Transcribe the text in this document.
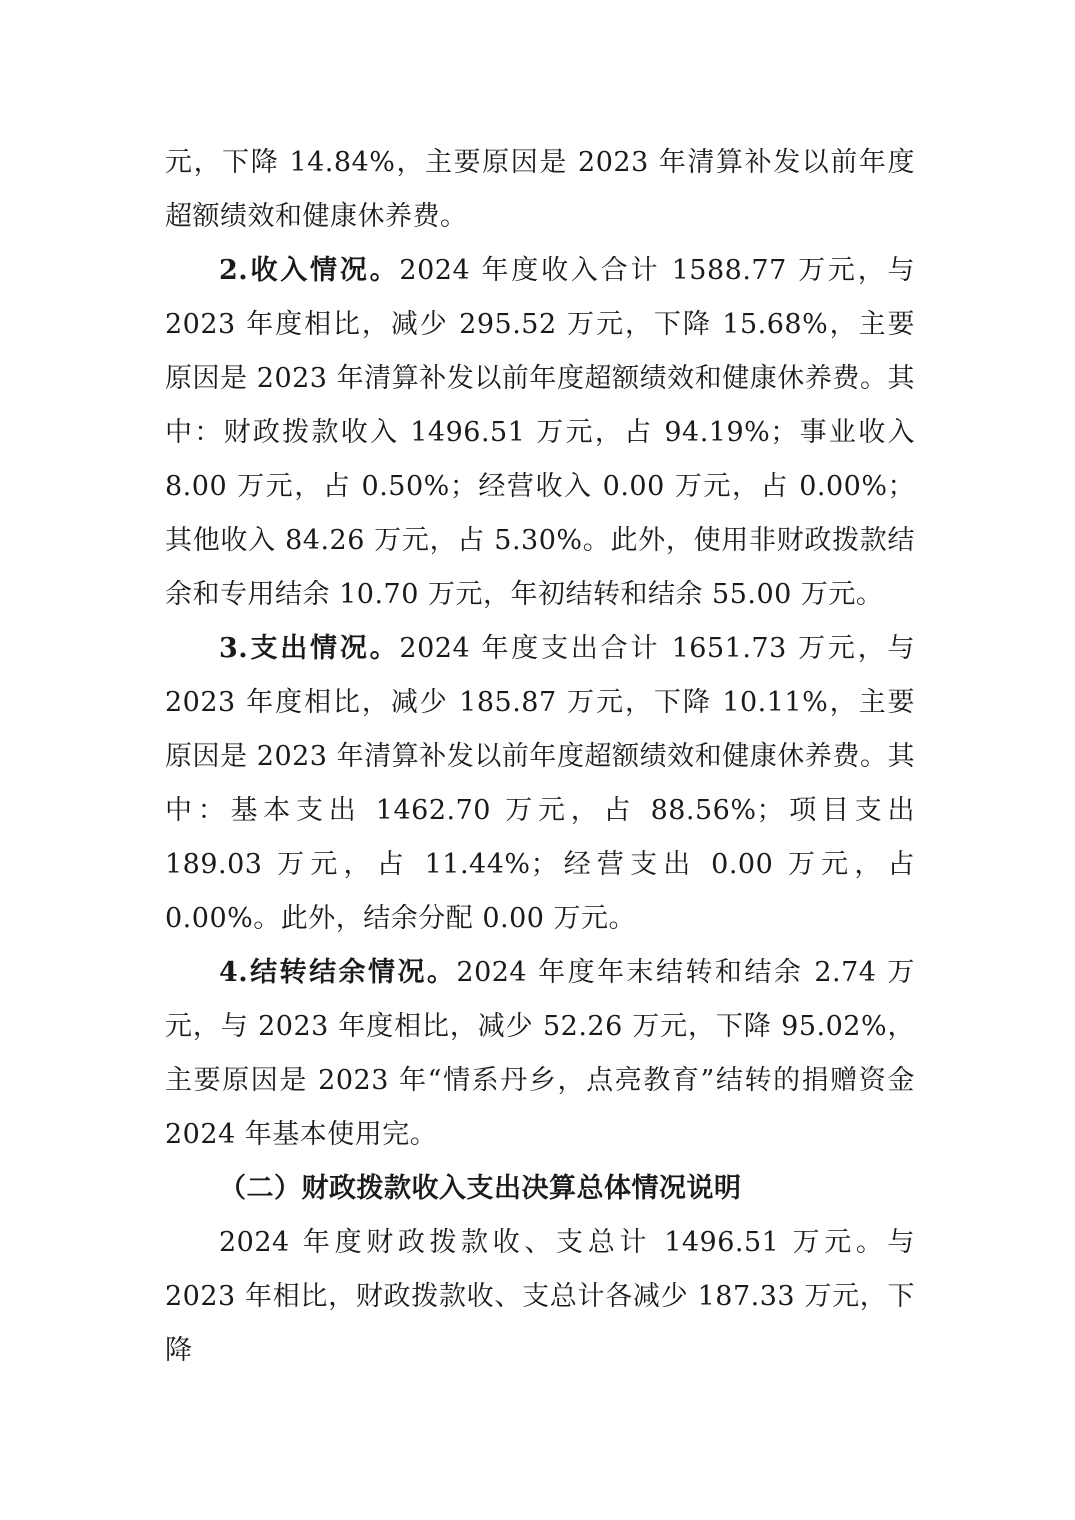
元，下降 14.84%，主要原因是 2023 年清算补发以前年度超额绩效和健康休养费。

2.收入情况。2024 年度收入合计 1588.77 万元，与 2023 年度相比，减少 295.52 万元，下降 15.68%，主要原因是 2023 年清算补发以前年度超额绩效和健康休养费。其中：财政拨款收入 1496.51 万元，占 94.19%；事业收入 8.00 万元，占 0.50%；经营收入 0.00 万元，占 0.00%；其他收入 84.26 万元，占 5.30%。此外，使用非财政拨款结余和专用结余 10.70 万元，年初结转和结余 55.00 万元。

3.支出情况。2024 年度支出合计 1651.73 万元，与 2023 年度相比，减少 185.87 万元，下降 10.11%，主要原因是 2023 年清算补发以前年度超额绩效和健康休养费。其中：基本支出 1462.70 万元，占 88.56%；项目支出 189.03 万元，占 11.44%；经营支出 0.00 万元，占 0.00%。此外，结余分配 0.00 万元。

4.结转结余情况。2024 年度年末结转和结余 2.74 万元，与 2023 年度相比，减少 52.26 万元，下降 95.02%，主要原因是 2023 年“情系丹乡，点亮教育”结转的捐赠资金 2024 年基本使用完。

（二）财政拨款收入支出决算总体情况说明

2024 年度财政拨款收、支总计 1496.51 万元。与 2023 年相比，财政拨款收、支总计各减少 187.33 万元，下降
